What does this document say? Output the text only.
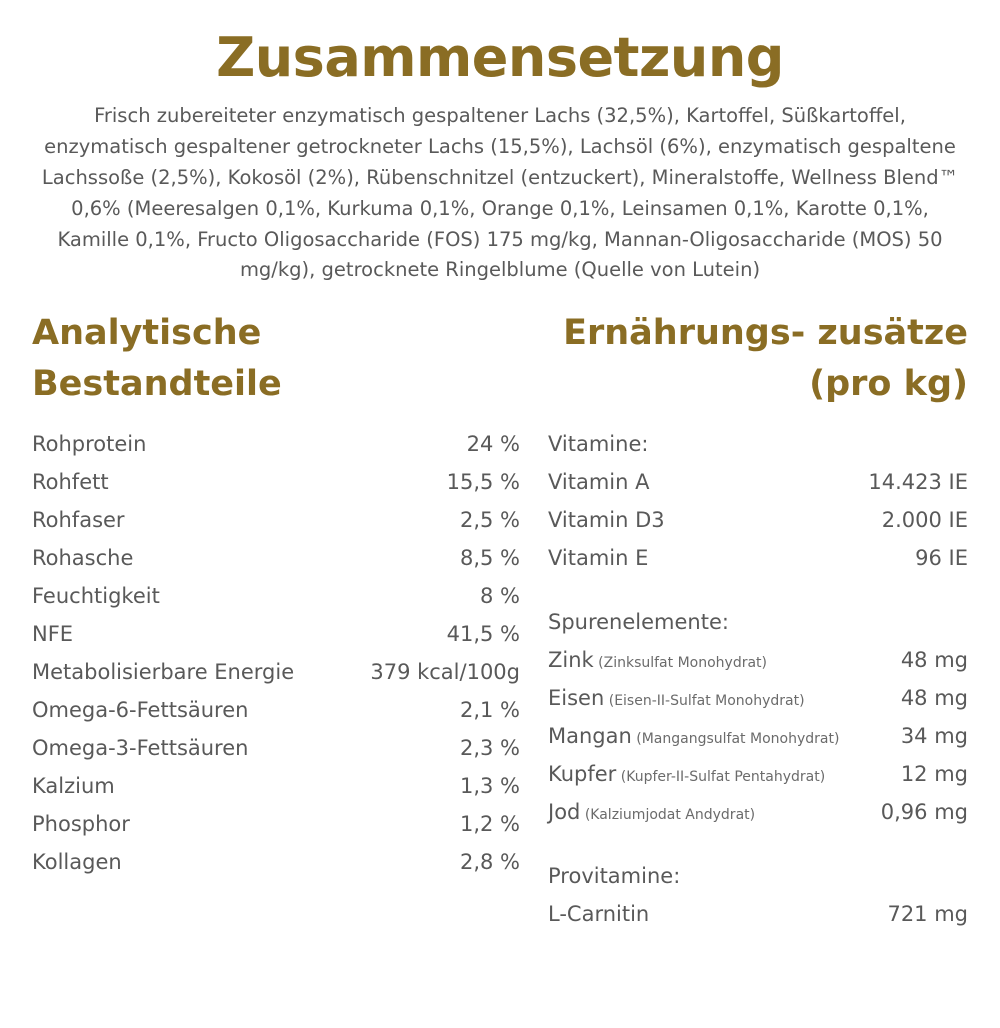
Zusammensetzung

Frisch zubereiteter enzymatisch gespaltener Lachs (32,5%), Kartoffel, Süßkartoffel, enzymatisch gespaltener getrockneter Lachs (15,5%), Lachsöl (6%), enzymatisch gespaltene Lachssoße (2,5%), Kokosöl (2%), Rübenschnitzel (entzuckert), Mineralstoffe, Wellness Blend™ 0,6% (Meeresalgen 0,1%, Kurkuma 0,1%, Orange 0,1%, Leinsamen 0,1%, Karotte 0,1%, Kamille 0,1%, Fructo Oligosaccharide (FOS) 175 mg/kg, Mannan-Oligosaccharide (MOS) 50 mg/kg), getrocknete Ringelblume (Quelle von Lutein)

Analytische Bestandteile
Rohprotein	24 %
Rohfett	15,5 %
Rohfaser	2,5 %
Rohasche	8,5 %
Feuchtigkeit	8 %
NFE	41,5 %
Metabolisierbare Energie	379 kcal/100g
Omega-6-Fettsäuren	2,1 %
Omega-3-Fettsäuren	2,3 %
Kalzium	1,3 %
Phosphor	1,2 %
Kollagen	2,8 %
Ernährungs- zusätze (pro kg)
Vitamine:
Vitamin A	14.423 IE
Vitamin D3	2.000 IE
Vitamin E	96 IE
Spurenelemente:
Zink (Zinksulfat Monohydrat)	48 mg
Eisen (Eisen-II-Sulfat Monohydrat)	48 mg
Mangan (Mangangsulfat Monohydrat)	34 mg
Kupfer (Kupfer-II-Sulfat Pentahydrat)	12 mg
Jod (Kalziumjodat Andydrat)	0,96 mg
Provitamine:
L-Carnitin	721 mg
